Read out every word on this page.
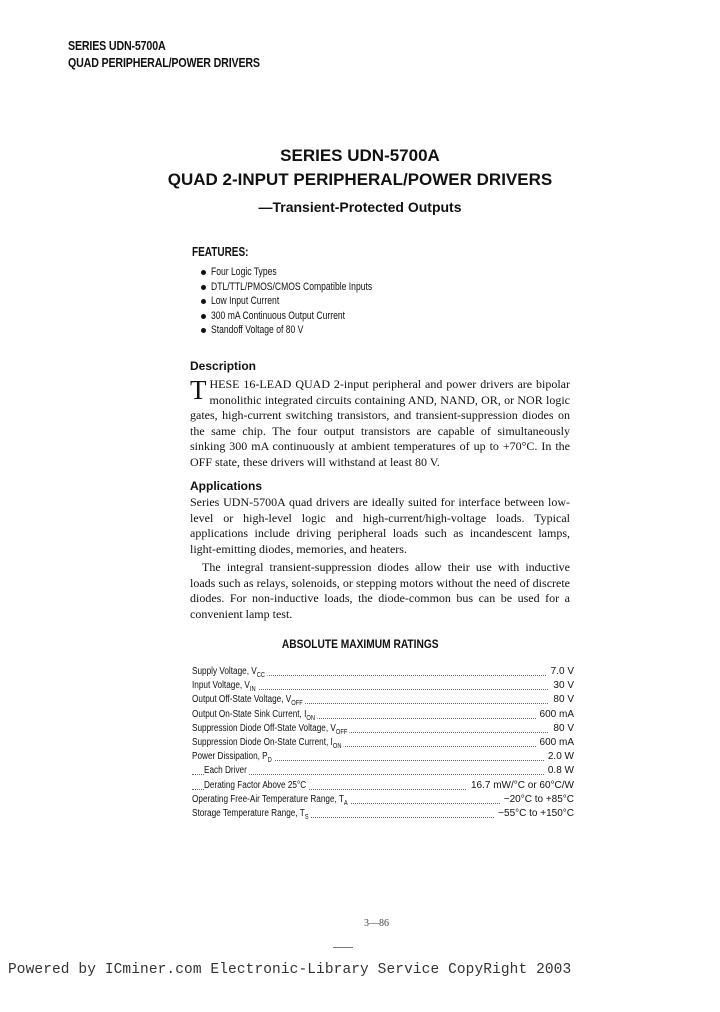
SERIES UDN-5700A
QUAD PERIPHERAL/POWER DRIVERS
SERIES UDN-5700A
QUAD 2-INPUT PERIPHERAL/POWER DRIVERS
—Transient-Protected Outputs
FEATURES:
Four Logic Types
DTL/TTL/PMOS/CMOS Compatible Inputs
Low Input Current
300 mA Continuous Output Current
Standoff Voltage of 80 V
Description
THESE 16-LEAD QUAD 2-input peripheral and power drivers are bipolar monolithic integrated circuits containing AND, NAND, OR, or NOR logic gates, high-current switching transistors, and transient-suppression diodes on the same chip. The four output transistors are capable of simultaneously sinking 300 mA continuously at ambient temperatures of up to +70°C. In the OFF state, these drivers will withstand at least 80 V.
Applications
Series UDN-5700A quad drivers are ideally suited for interface between low-level or high-level logic and high-current/high-voltage loads. Typical applications include driving peripheral loads such as incandescent lamps, light-emitting diodes, memories, and heaters.
The integral transient-suppression diodes allow their use with inductive loads such as relays, solenoids, or stepping motors without the need of discrete diodes. For non-inductive loads, the diode-common bus can be used for a convenient lamp test.
ABSOLUTE MAXIMUM RATINGS
Supply Voltage, $V_{CC}$	7.0 V
Input Voltage, $V_{IN}$	30 V
Output Off-State Voltage, $V_{OFF}$	80 V
Output On-State Sink Current, $I_{ON}$	600 mA
Suppression Diode Off-State Voltage, $V_{OFF}$	80 V
Suppression Diode On-State Current, $I_{ON}$	600 mA
Power Dissipation, $P_D$	2.0 W
Each Driver	0.8 W
Derating Factor Above 25°C	16.7 mW/°C or 60°C/W
Operating Free-Air Temperature Range, $T_A$	−20°C to +85°C
Storage Temperature Range, $T_S$	−55°C to +150°C
3—86
Powered by ICminer.com Electronic-Library Service CopyRight 2003
